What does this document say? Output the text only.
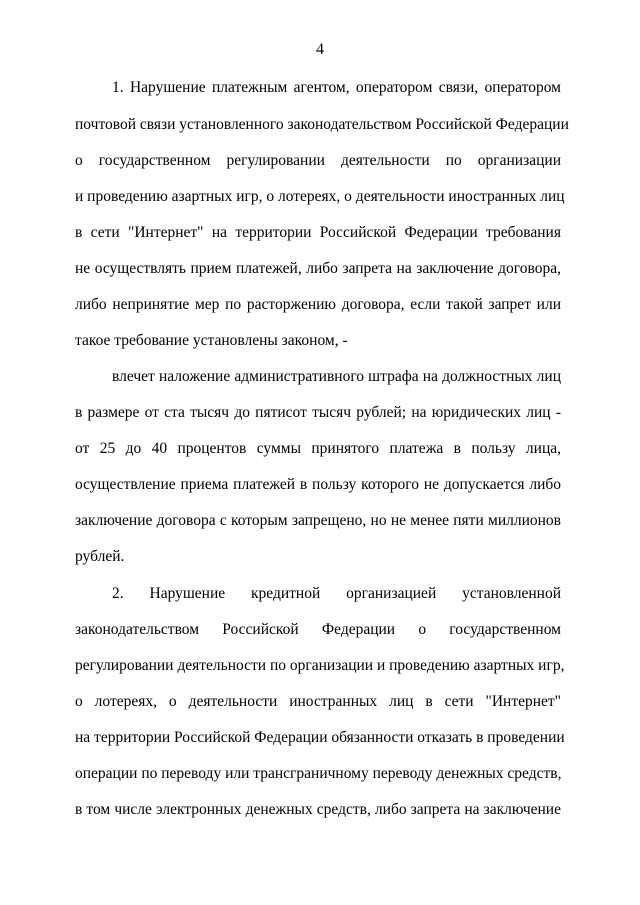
4
1. Нарушение платежным агентом, оператором связи, оператором
почтовой связи установленного законодательством Российской Федерации
о государственном регулировании деятельности по организации
и проведению азартных игр, о лотереях, о деятельности иностранных лиц
в сети "Интернет" на территории Российской Федерации требования
не осуществлять прием платежей, либо запрета на заключение договора,
либо непринятие мер по расторжению договора, если такой запрет или
такое требование установлены законом, -
влечет наложение административного штрафа на должностных лиц
в размере от ста тысяч до пятисот тысяч рублей; на юридических лиц -
от 25 до 40 процентов суммы принятого платежа в пользу лица,
осуществление приема платежей в пользу которого не допускается либо
заключение договора с которым запрещено, но не менее пяти миллионов
рублей.
2. Нарушение кредитной организацией установленной
законодательством Российской Федерации о государственном
регулировании деятельности по организации и проведению азартных игр,
о лотереях, о деятельности иностранных лиц в сети "Интернет"
на территории Российской Федерации обязанности отказать в проведении
операции по переводу или трансграничному переводу денежных средств,
в том числе электронных денежных средств, либо запрета на заключение
